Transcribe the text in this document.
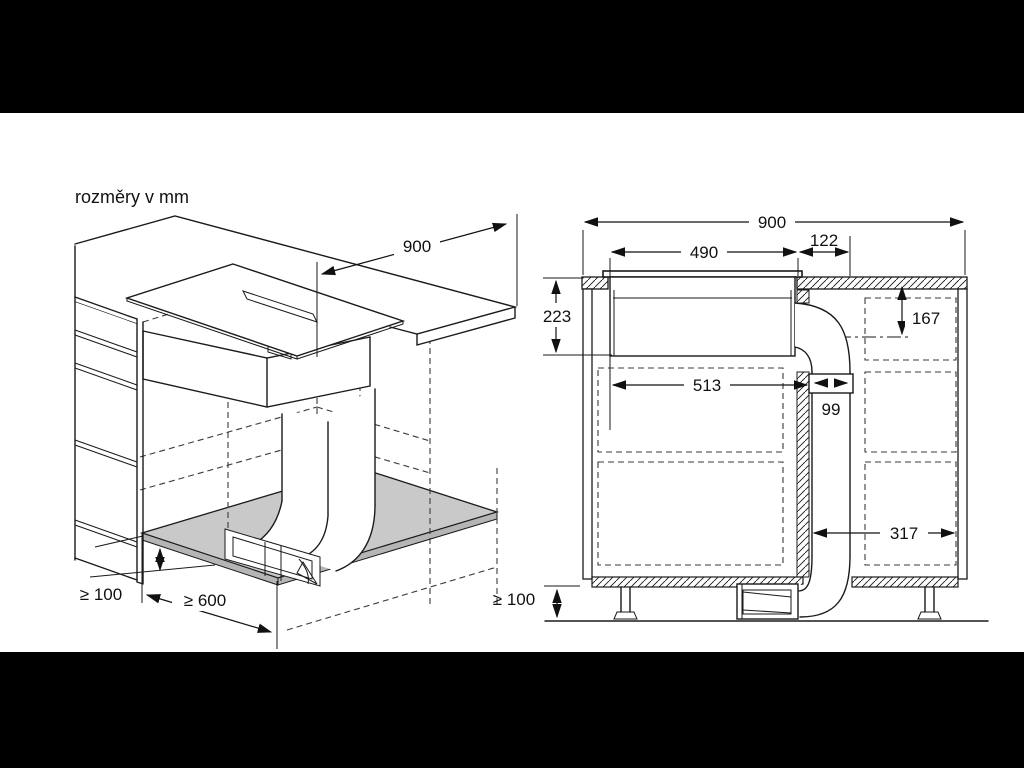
900
≥ 100	≥ 600
900
490
122
223	167
513
99
317
≥ 100
rozměry v mm
